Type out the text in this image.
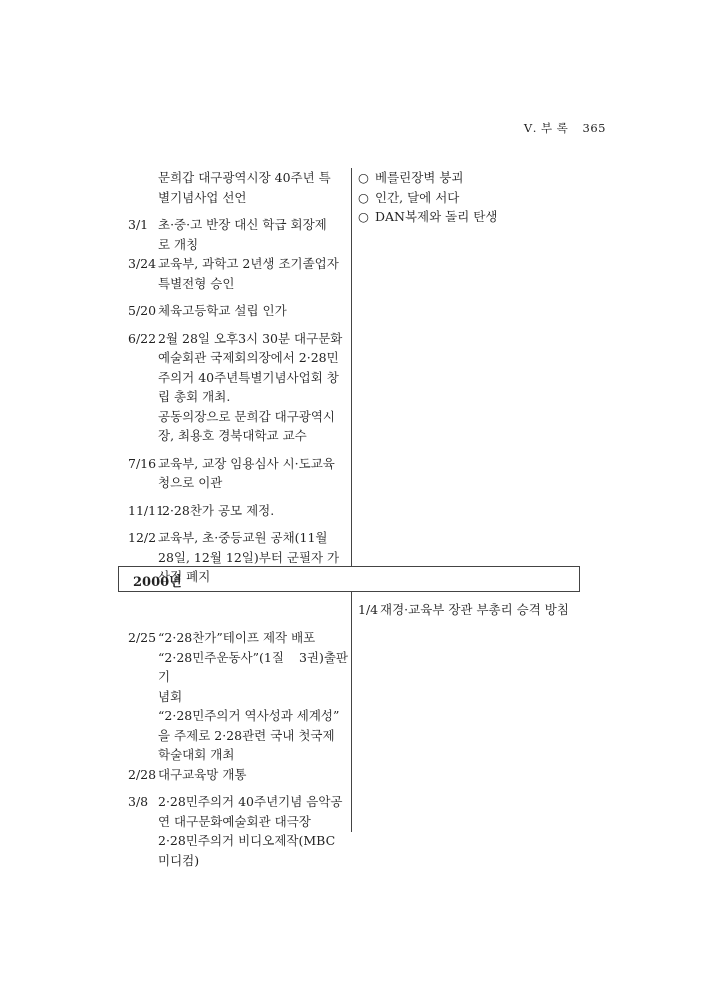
Ⅴ. 부 록 365
문희갑 대구광역시장 40주년 특
별기념사업 선언
3/1 초·중·고 반장 대신 학급 회장제
로 개칭
3/24 교육부, 과학고 2년생 조기졸업자
특별전형 승인
5/20 체육고등학교 설립 인가
6/22 2월 28일 오후3시 30분 대구문화
예술회관 국제회의장에서 2·28민
주의거 40주년특별기념사업회 창
립 총회 개최.
공동의장으로 문희갑 대구광역시
장, 최용호 경북대학교 교수
7/16 교육부, 교장 임용심사 시·도교육
청으로 이관
11/11
2·28찬가 공모 제정.
12/2 교육부, 초·중등교원 공채(11월
28일, 12월 12일)부터 군필자 가
산점 폐지
○ 베를린장벽 붕괴
○ 인간, 달에 서다
○ DAN복제와 돌리 탄생
2000년
1/4 재경·교육부 장관 부총리 승격 방침
2/25 “2·28찬가”테이프 제작 배포
“2·28민주운동사”(1질 3권)출판 기
념회
“2·28민주의거 역사성과 세계성”
을 주제로 2·28관련 국내 첫국제
학술대회 개최
2/28 대구교육망 개통
3/8 2·28민주의거 40주년기념 음악공
연 대구문화예술회관 대극장
2·28민주의거 비디오제작(MBC
미디컴)
